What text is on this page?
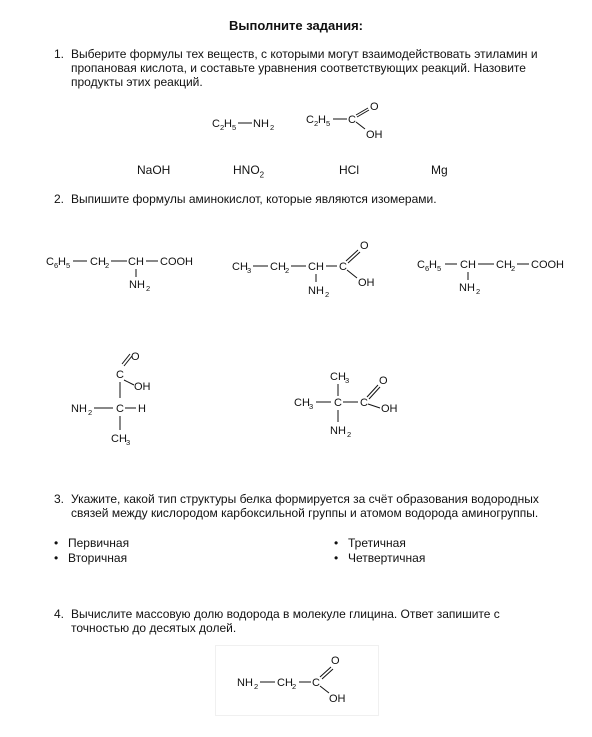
Выполните задания:
1. Выберите формулы тех веществ, с которыми могут взаимодействовать этиламин и пропановая кислота, и составьте уравнения соответствующих реакций. Назовите продукты этих реакций.
C 2 H 5 NH 2
C 2 H 5 C
O
OH
NaOH	$HNO_2$	HCl	Mg
2. Выпишите формулы аминокислот, которые являются изомерами.
C 6 H 5 CH 2 CH COOH
NH 2
CH 3 CH 2 CH C
O
OH
NH 2
C 6 H 5 CH CH 2 COOH
NH 2
O
C
OH
NH 2 C H
CH 3
CH 3
CH 3 C C
O
OH
NH 2
3. Укажите, какой тип структуры белка формируется за счёт образования водородных связей между кислородом карбоксильной группы и атомом водорода аминогруппы.
• Первичная
• Вторичная
• Третичная
• Четвертичная
4. Вычислите массовую долю водорода в молекуле глицина. Ответ запишите с точностью до десятых долей.
NH 2 CH 2 C
O
OH
